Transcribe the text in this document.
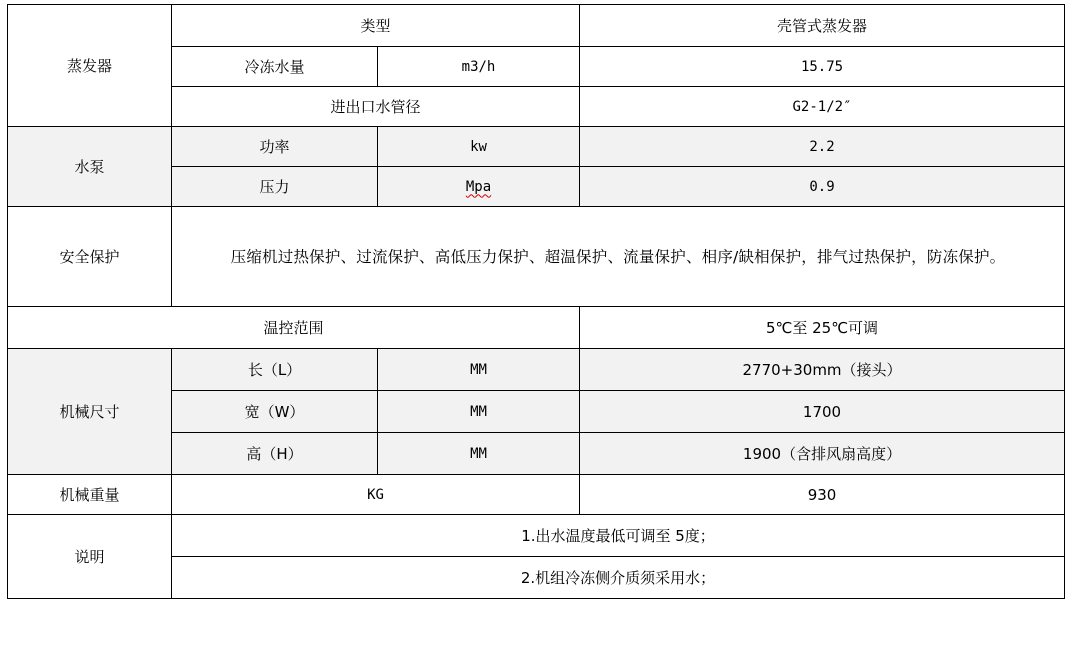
蒸发器	类型		壳管式蒸发器
	冷冻水量	m3/h	15.75
	进出口水管径		G2-1/2″
水泵	功率	kw	2.2
	压力	Mpa	0.9
安全保护	压缩机过热保护、过流保护、高低压力保护、超温保护、流量保护、相序/缺相保护，排气过热保护，防冻保护。		
温控范围			5℃至 25℃可调
机械尺寸	长（L）	MM	2770+30mm（接头）
	宽（W）	MM	1700
	高（H）	MM	1900（含排风扇高度）
机械重量	KG		930
说明	1.出水温度最低可调至 5度；		
	2.机组冷冻侧介质须采用水；		
